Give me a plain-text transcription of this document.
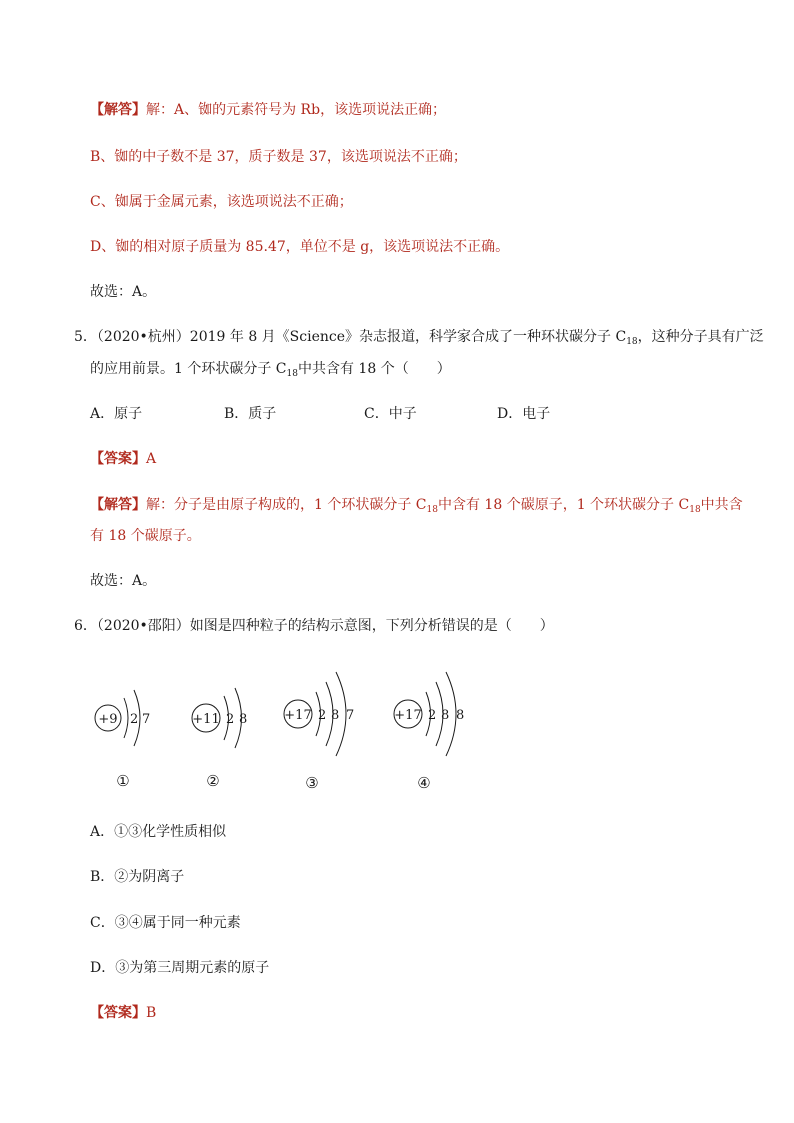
【解答】解：A、铷的元素符号为 Rb，该选项说法正确；
B、铷的中子数不是 37，质子数是 37，该选项说法不正确；
C、铷属于金属元素，该选项说法不正确；
D、铷的相对原子质量为 85.47，单位不是 g，该选项说法不正确。
故选：A。
5．（2020•杭州）2019 年 8 月《Science》杂志报道，科学家合成了一种环状碳分子 $C_{18}$，这种分子具有广泛
的应用前景。1 个环状碳分子 $C_{18}$中共含有 18 个（　　）
A．原子	B．质子	C．中子	D．电子
【答案】A
【解答】解：分子是由原子构成的，1 个环状碳分子 $C_{18}$中含有 18 个碳原子，1 个环状碳分子 $C_{18}$中共含
有 18 个碳原子。
故选：A。
6．（2020•邵阳）如图是四种粒子的结构示意图，下列分析错误的是（　　）
+9 2 7	+11 2 8	+17 2 8 7	+17 2 8 8
①	②	③	④
A．①③化学性质相似
B．②为阴离子
C．③④属于同一种元素
D．③为第三周期元素的原子
【答案】B
